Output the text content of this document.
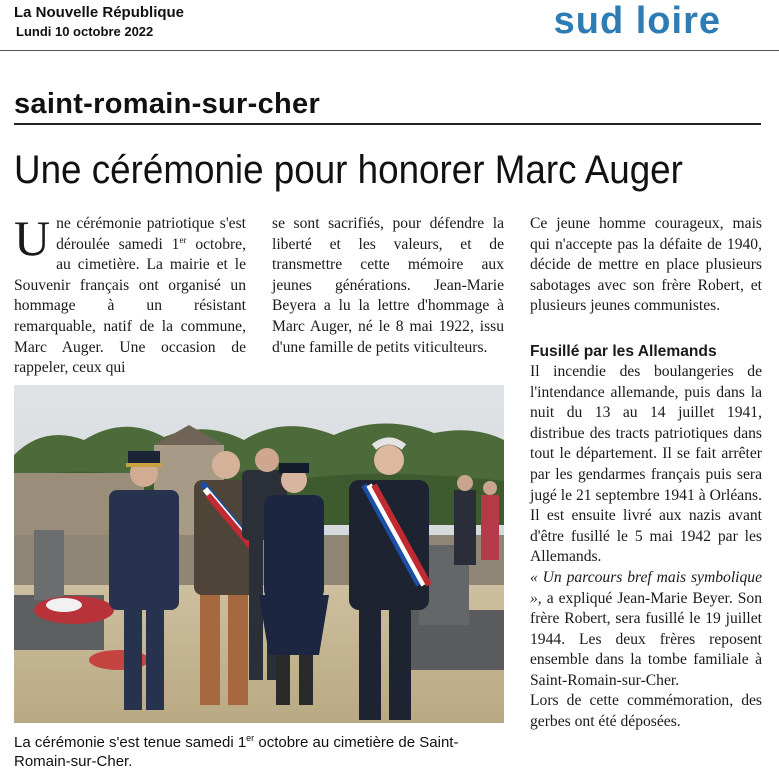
La Nouvelle République
Lundi 10 octobre 2022	sud loire
saint-romain-sur-cher
Une cérémonie pour honorer Marc Auger
Une cérémonie patriotique s'est déroulée samedi 1er octobre, au cimetière. La mairie et le Souvenir français ont organisé un hommage à un résistant remarquable, natif de la commune, Marc Auger. Une occasion de rappeler, ceux qui
se sont sacrifiés, pour défendre la liberté et les valeurs, et de transmettre cette mémoire aux jeunes générations. Jean-Marie Beyera a lu la lettre d'hommage à Marc Auger, né le 8 mai 1922, issu d'une famille de petits viticulteurs.

Ce jeune homme courageux, mais qui n'accepte pas la défaite de 1940, décide de mettre en place plusieurs sabotages avec son frère Robert, et plusieurs jeunes communistes.

Fusillé par les Allemands

Il incendie des boulangeries de l'intendance allemande, puis dans la nuit du 13 au 14 juillet 1941, distribue des tracts patriotiques dans tout le département. Il se fait arrêter par les gendarmes français puis sera jugé le 21 septembre 1941 à Orléans. Il est ensuite livré aux nazis avant d'être fusillé le 5 mai 1942 par les Allemands.

« Un parcours bref mais symbolique », a expliqué Jean-Marie Beyer. Son frère Robert, sera fusillé le 19 juillet 1944. Les deux frères reposent ensemble dans la tombe familiale à Saint-Romain-sur-Cher.

Lors de cette commémoration, des gerbes ont été déposées.

La cérémonie s'est tenue samedi 1er octobre au cimetière de Saint-Romain-sur-Cher.
